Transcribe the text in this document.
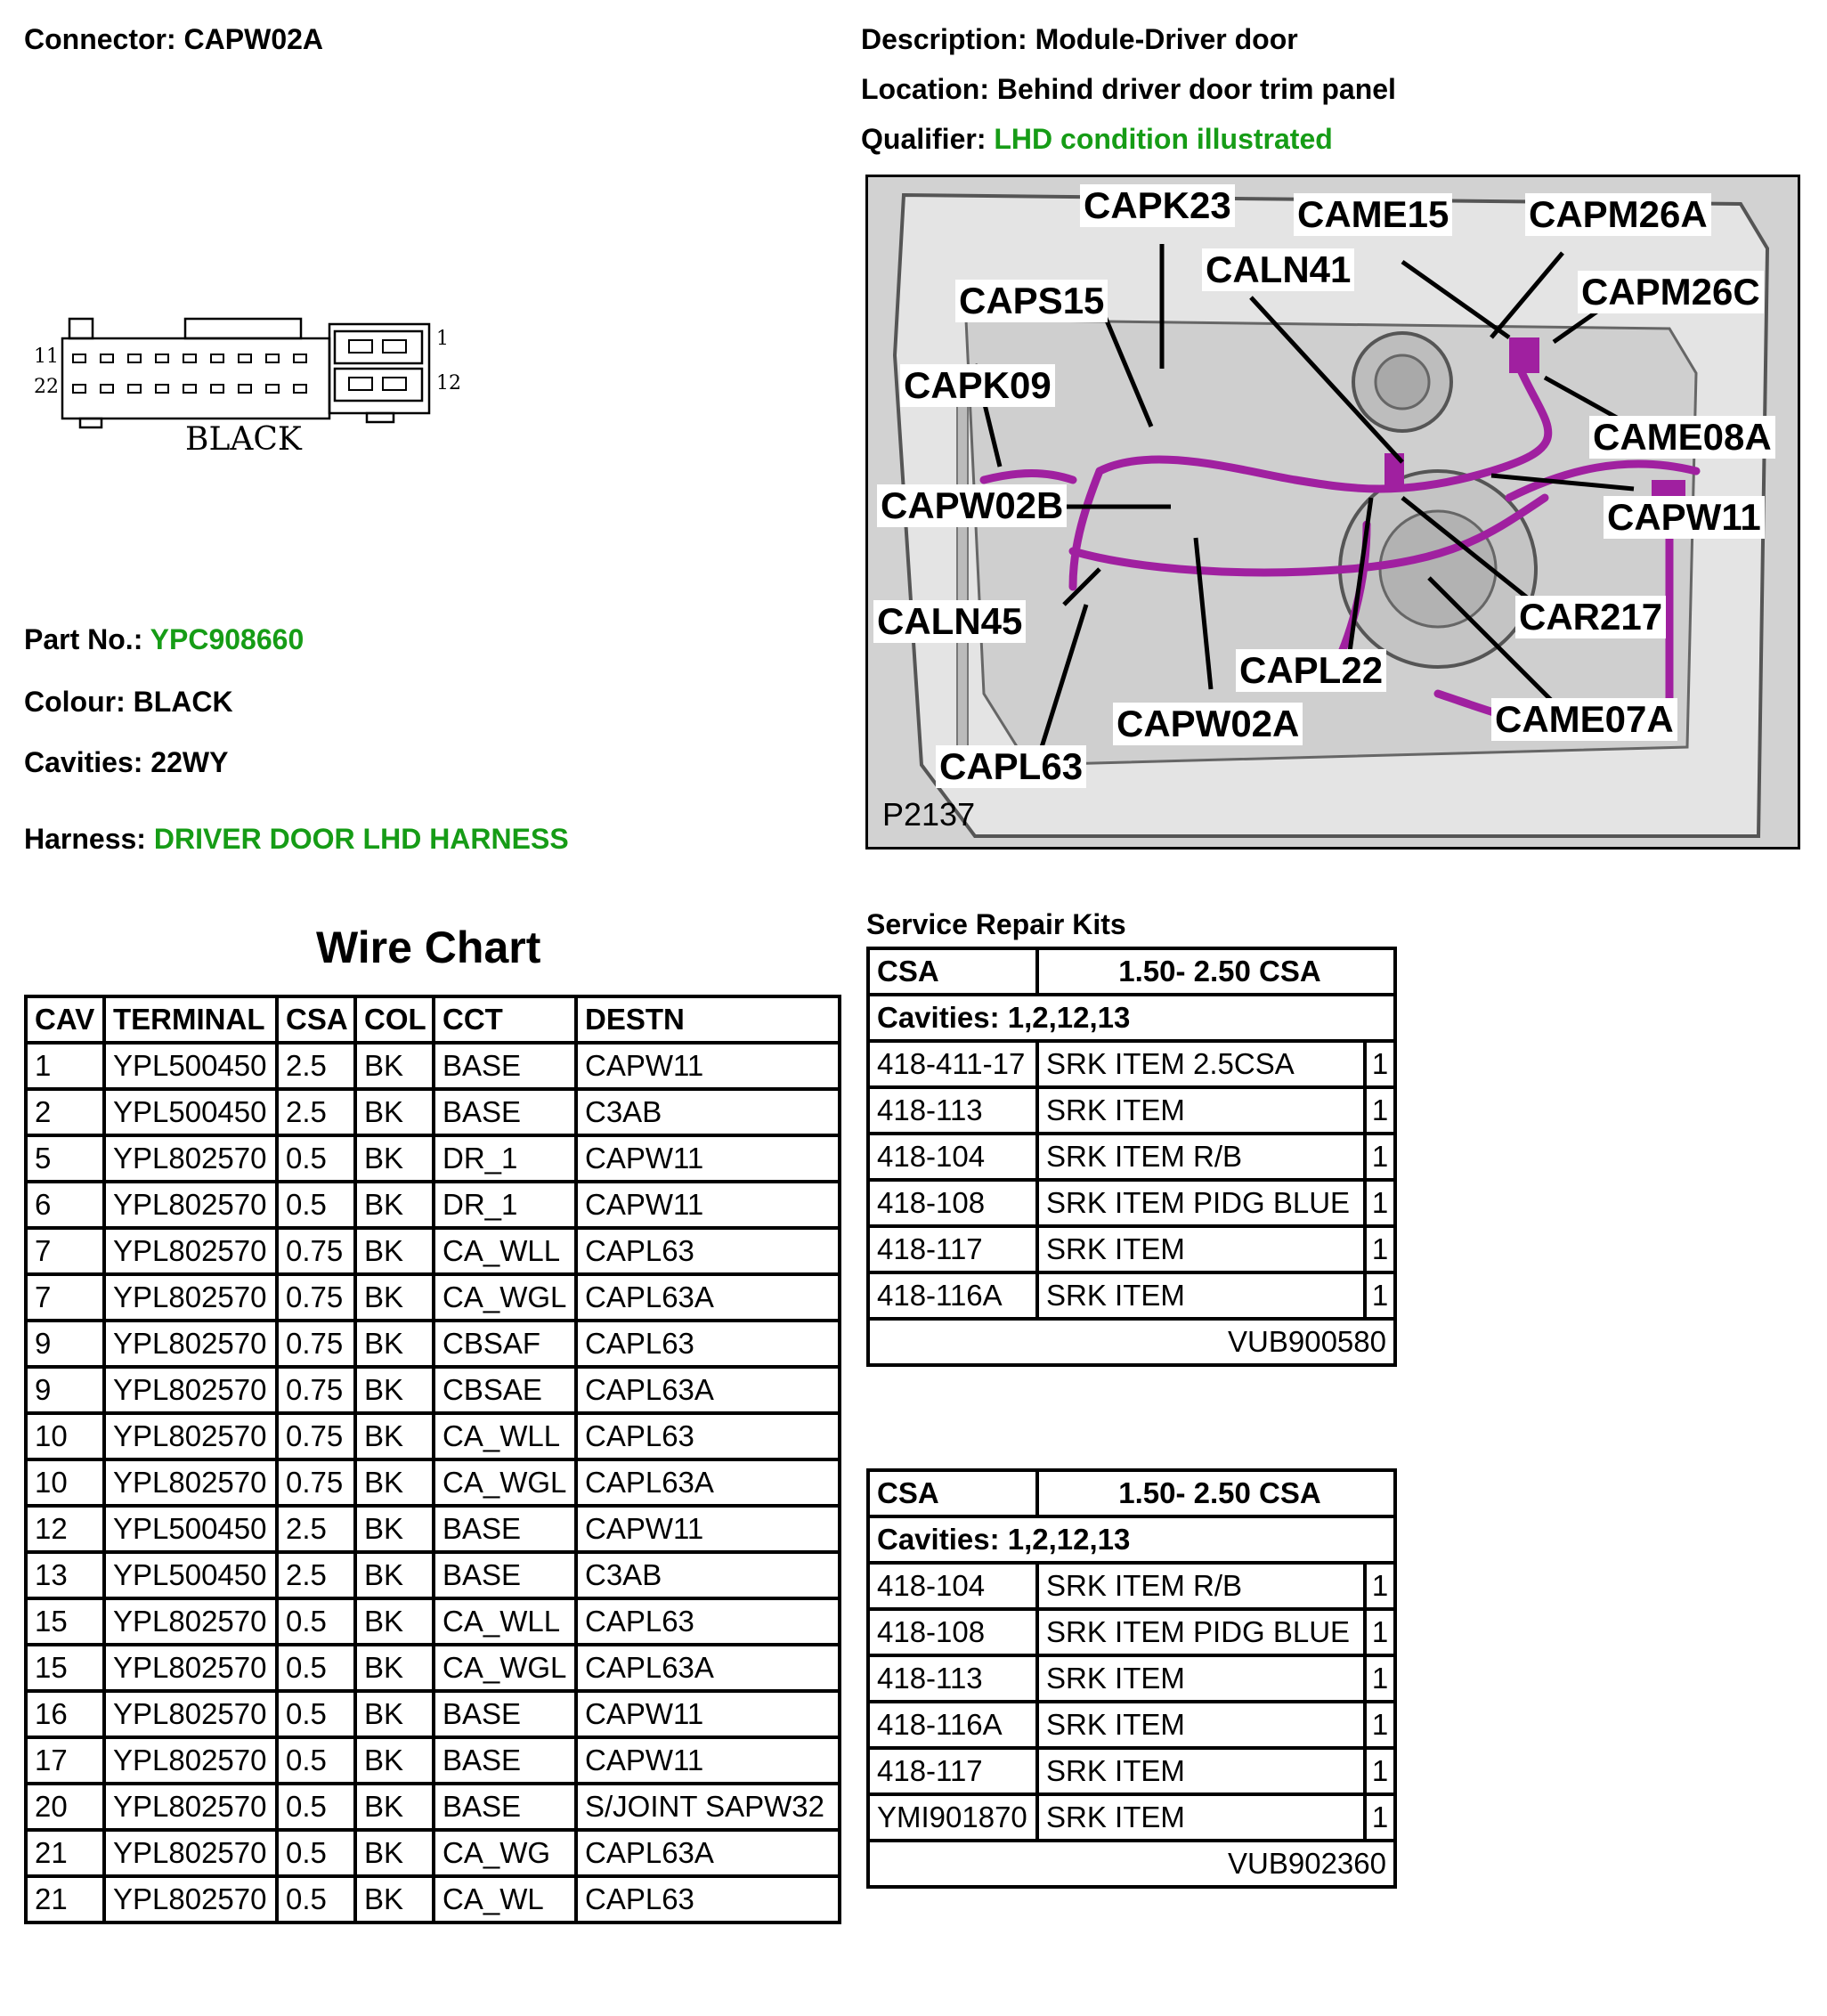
Connector: CAPW02A	Description: Module-Driver door
Location: Behind driver door trim panel
Qualifier: LHD condition illustrated
11
22
1
12
BLACK
Part No.: YPC908660
Colour: BLACK
Cavities: 22WY
Harness: DRIVER DOOR LHD HARNESS
CAPK23 CAME15 CAPM26A
CALN41
CAPS15	CAPM26C
CAPK09
CAME08A
CAPW02B	CAPW11
CALN45	CAR217
CAPL22
CAME07A
CAPW02A
CAPL63
P2137
Wire Chart
CAV	TERMINAL	CSA	COL	CCT	DESTN
1	YPL500450	2.5	BK	BASE	CAPW11
2	YPL500450	2.5	BK	BASE	C3AB
5	YPL802570	0.5	BK	DR_1	CAPW11
6	YPL802570	0.5	BK	DR_1	CAPW11
7	YPL802570	0.75	BK	CA_WLL	CAPL63
7	YPL802570	0.75	BK	CA_WGL	CAPL63A
9	YPL802570	0.75	BK	CBSAF	CAPL63
9	YPL802570	0.75	BK	CBSAE	CAPL63A
10	YPL802570	0.75	BK	CA_WLL	CAPL63
10	YPL802570	0.75	BK	CA_WGL	CAPL63A
12	YPL500450	2.5	BK	BASE	CAPW11
13	YPL500450	2.5	BK	BASE	C3AB
15	YPL802570	0.5	BK	CA_WLL	CAPL63
15	YPL802570	0.5	BK	CA_WGL	CAPL63A
16	YPL802570	0.5	BK	BASE	CAPW11
17	YPL802570	0.5	BK	BASE	CAPW11
20	YPL802570	0.5	BK	BASE	S/JOINT SAPW32
21	YPL802570	0.5	BK	CA_WG	CAPL63A
21	YPL802570	0.5	BK	CA_WL	CAPL63
Service Repair Kits
CSA	1.50- 2.50 CSA	
Cavities: 1,2,12,13		
418-411-17	SRK ITEM 2.5CSA	1
418-113	SRK ITEM	1
418-104	SRK ITEM R/B	1
418-108	SRK ITEM PIDG BLUE	1
418-117	SRK ITEM	1
418-116A	SRK ITEM	1
VUB900580		
CSA	1.50- 2.50 CSA	
Cavities: 1,2,12,13		
418-104	SRK ITEM R/B	1
418-108	SRK ITEM PIDG BLUE	1
418-113	SRK ITEM	1
418-116A	SRK ITEM	1
418-117	SRK ITEM	1
YMI901870	SRK ITEM	1
VUB902360		
